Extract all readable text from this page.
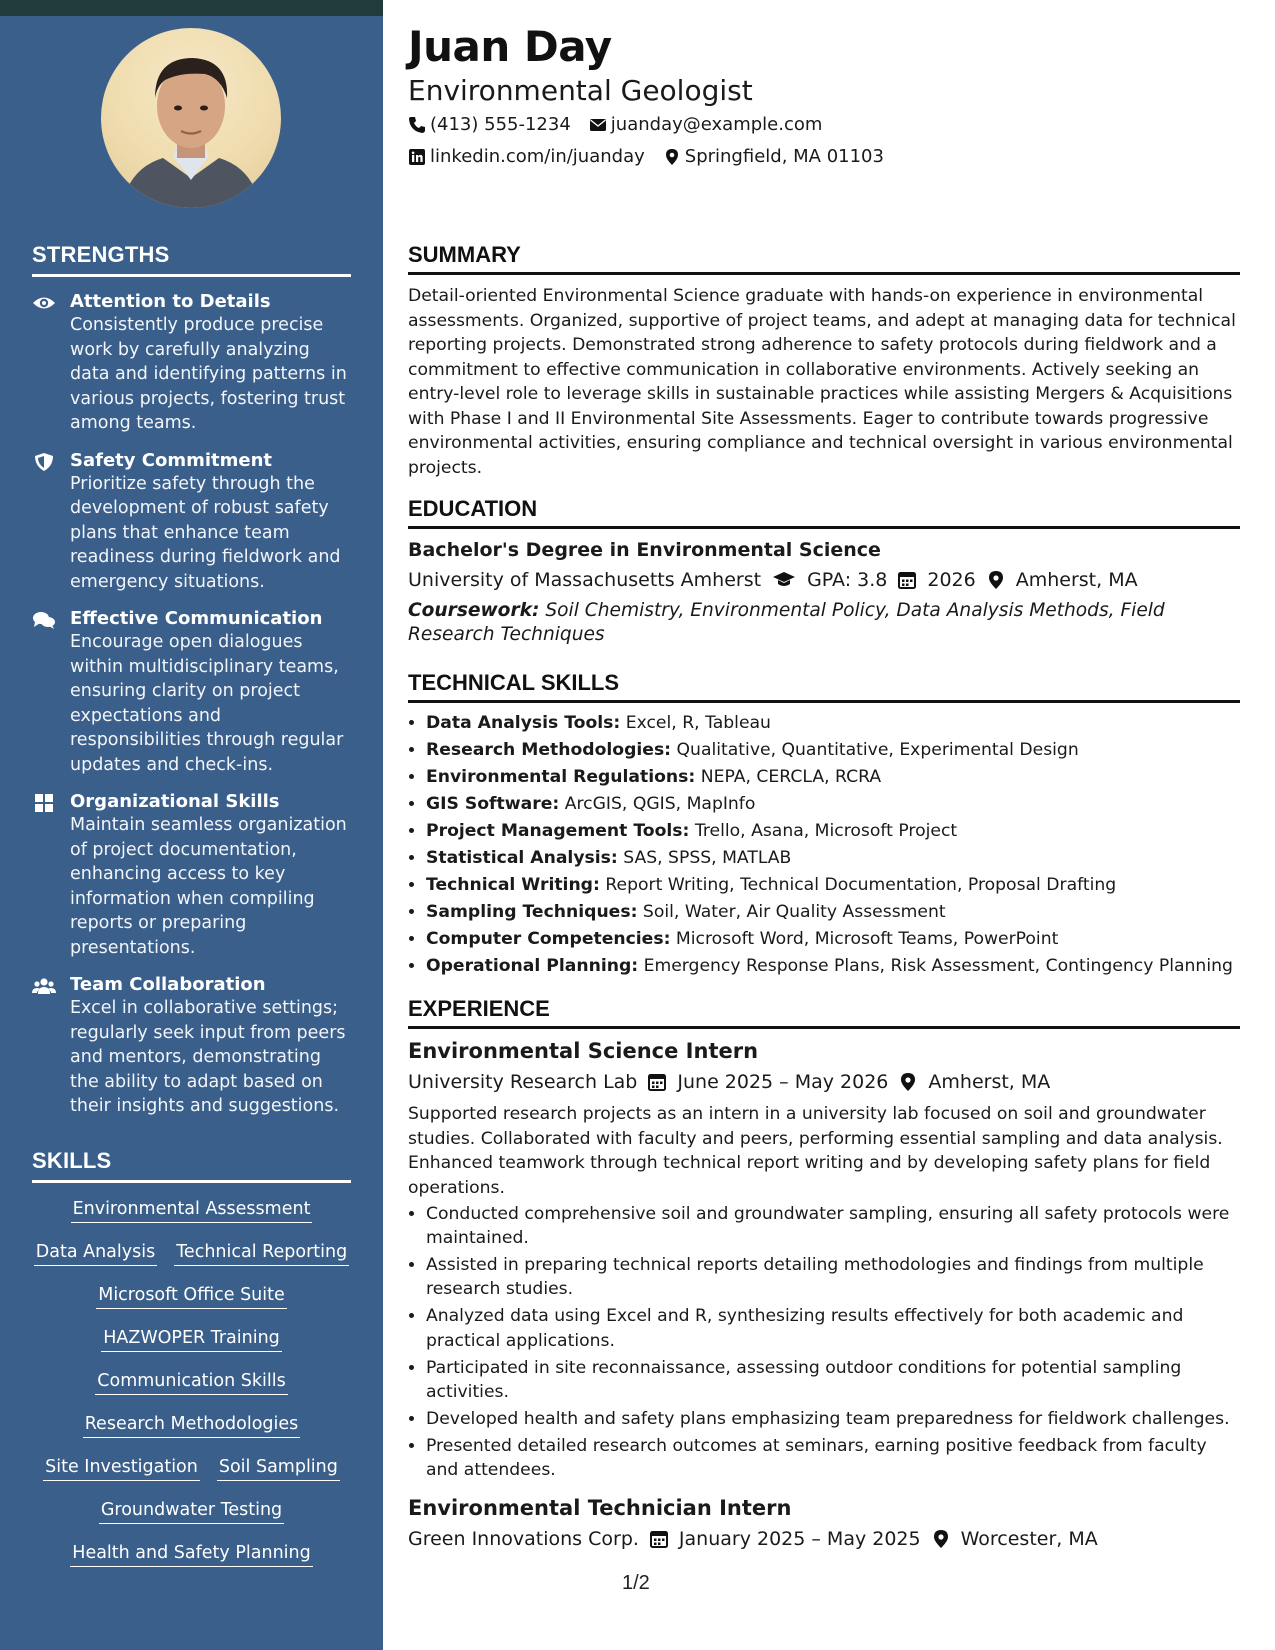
STRENGTHS
Attention to Details
Consistently produce precise work by carefully analyzing data and identifying patterns in various projects, fostering trust among teams.
Safety Commitment
Prioritize safety through the development of robust safety plans that enhance team readiness during fieldwork and emergency situations.
Effective Communication
Encourage open dialogues within multidisciplinary teams, ensuring clarity on project expectations and responsibilities through regular updates and check-ins.
Organizational Skills
Maintain seamless organization of project documentation, enhancing access to key information when compiling reports or preparing presentations.
Team Collaboration
Excel in collaborative settings; regularly seek input from peers and mentors, demonstrating the ability to adapt based on their insights and suggestions.
SKILLS
Environmental Assessment
Data Analysis Technical Reporting
Microsoft Office Suite
HAZWOPER Training
Communication Skills
Research Methodologies
Site Investigation Soil Sampling
Groundwater Testing
Health and Safety Planning
Juan Day
Environmental Geologist
(413) 555-1234 juanday@example.com
linkedin.com/in/juanday Springfield, MA 01103
SUMMARY
Detail-oriented Environmental Science graduate with hands-on experience in environmental assessments. Organized, supportive of project teams, and adept at managing data for technical reporting projects. Demonstrated strong adherence to safety protocols during fieldwork and a commitment to effective communication in collaborative environments. Actively seeking an entry-level role to leverage skills in sustainable practices while assisting Mergers & Acquisitions with Phase I and II Environmental Site Assessments. Eager to contribute towards progressive environmental activities, ensuring compliance and technical oversight in various environmental projects.
EDUCATION
Bachelor's Degree in Environmental Science
University of Massachusetts Amherst GPA: 3.8 2026 Amherst, MA
Coursework: Soil Chemistry, Environmental Policy, Data Analysis Methods, Field Research Techniques
TECHNICAL SKILLS
• Data Analysis Tools: Excel, R, Tableau
• Research Methodologies: Qualitative, Quantitative, Experimental Design
• Environmental Regulations: NEPA, CERCLA, RCRA
• GIS Software: ArcGIS, QGIS, MapInfo
• Project Management Tools: Trello, Asana, Microsoft Project
• Statistical Analysis: SAS, SPSS, MATLAB
• Technical Writing: Report Writing, Technical Documentation, Proposal Drafting
• Sampling Techniques: Soil, Water, Air Quality Assessment
• Computer Competencies: Microsoft Word, Microsoft Teams, PowerPoint
• Operational Planning: Emergency Response Plans, Risk Assessment, Contingency Planning
EXPERIENCE
Environmental Science Intern
University Research Lab June 2025 – May 2026 Amherst, MA
Supported research projects as an intern in a university lab focused on soil and groundwater studies. Collaborated with faculty and peers, performing essential sampling and data analysis. Enhanced teamwork through technical report writing and by developing safety plans for field operations.
• Conducted comprehensive soil and groundwater sampling, ensuring all safety protocols were maintained.
• Assisted in preparing technical reports detailing methodologies and findings from multiple research studies.
• Analyzed data using Excel and R, synthesizing results effectively for both academic and practical applications.
• Participated in site reconnaissance, assessing outdoor conditions for potential sampling activities.
• Developed health and safety plans emphasizing team preparedness for fieldwork challenges.
• Presented detailed research outcomes at seminars, earning positive feedback from faculty and attendees.
Environmental Technician Intern
Green Innovations Corp. January 2025 – May 2025 Worcester, MA
1/2
